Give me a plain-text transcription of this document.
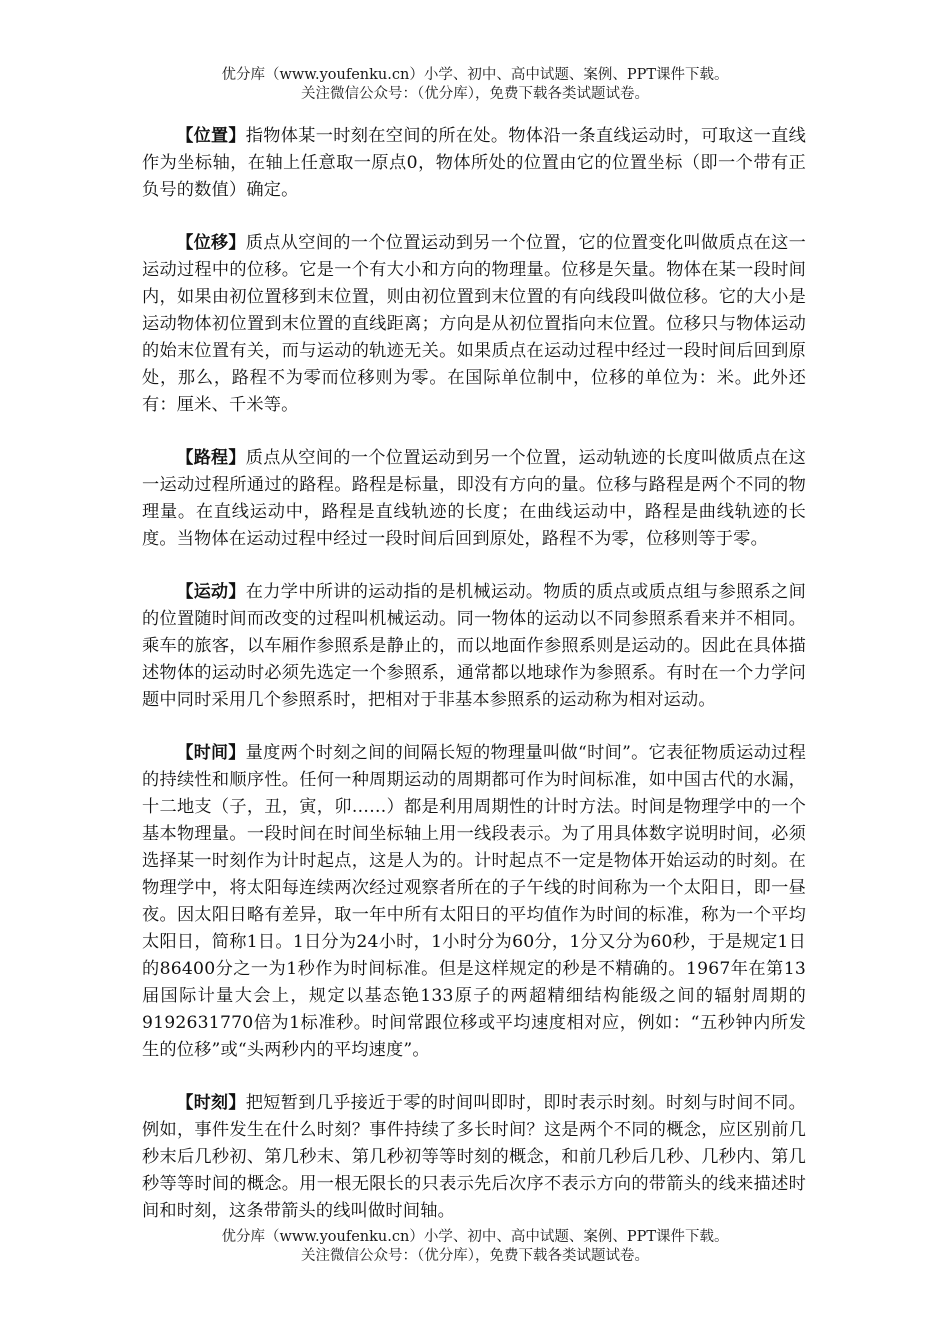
优分库（www.youfenku.cn）小学、初中、高中试题、案例、PPT课件下载。
关注微信公众号：（优分库），免费下载各类试题试卷。

【位置】指物体某一时刻在空间的所在处。物体沿一条直线运动时，可取这一直线作为坐标轴，在轴上任意取一原点0，物体所处的位置由它的位置坐标（即一个带有正负号的数值）确定。

【位移】质点从空间的一个位置运动到另一个位置，它的位置变化叫做质点在这一运动过程中的位移。它是一个有大小和方向的物理量。位移是矢量。物体在某一段时间内，如果由初位置移到末位置，则由初位置到末位置的有向线段叫做位移。它的大小是运动物体初位置到末位置的直线距离；方向是从初位置指向末位置。位移只与物体运动的始末位置有关，而与运动的轨迹无关。如果质点在运动过程中经过一段时间后回到原处，那么，路程不为零而位移则为零。在国际单位制中，位移的单位为：米。此外还有：厘米、千米等。

【路程】质点从空间的一个位置运动到另一个位置，运动轨迹的长度叫做质点在这一运动过程所通过的路程。路程是标量，即没有方向的量。位移与路程是两个不同的物理量。在直线运动中，路程是直线轨迹的长度；在曲线运动中，路程是曲线轨迹的长度。当物体在运动过程中经过一段时间后回到原处，路程不为零，位移则等于零。

【运动】在力学中所讲的运动指的是机械运动。物质的质点或质点组与参照系之间的位置随时间而改变的过程叫机械运动。同一物体的运动以不同参照系看来并不相同。乘车的旅客，以车厢作参照系是静止的，而以地面作参照系则是运动的。因此在具体描述物体的运动时必须先选定一个参照系，通常都以地球作为参照系。有时在一个力学问题中同时采用几个参照系时，把相对于非基本参照系的运动称为相对运动。

【时间】量度两个时刻之间的间隔长短的物理量叫做“时间”。它表征物质运动过程的持续性和顺序性。任何一种周期运动的周期都可作为时间标准，如中国古代的水漏，十二地支（子，丑，寅，卯……）都是利用周期性的计时方法。时间是物理学中的一个基本物理量。一段时间在时间坐标轴上用一线段表示。为了用具体数字说明时间，必须选择某一时刻作为计时起点，这是人为的。计时起点不一定是物体开始运动的时刻。在物理学中，将太阳每连续两次经过观察者所在的子午线的时间称为一个太阳日，即一昼夜。因太阳日略有差异，取一年中所有太阳日的平均值作为时间的标准，称为一个平均太阳日，简称1日。1日分为24小时，1小时分为60分，1分又分为60秒，于是规定1日的86400分之一为1秒作为时间标准。但是这样规定的秒是不精确的。1967年在第13届国际计量大会上，规定以基态铯133原子的两超精细结构能级之间的辐射周期的9192631770倍为1标准秒。时间常跟位移或平均速度相对应，例如：“五秒钟内所发生的位移”或“头两秒内的平均速度”。

【时刻】把短暂到几乎接近于零的时间叫即时，即时表示时刻。时刻与时间不同。例如，事件发生在什么时刻？事件持续了多长时间？这是两个不同的概念，应区别前几秒末后几秒初、第几秒末、第几秒初等等时刻的概念，和前几秒后几秒、几秒内、第几秒等等时间的概念。用一根无限长的只表示先后次序不表示方向的带箭头的线来描述时间和时刻，这条带箭头的线叫做时间轴。

优分库（www.youfenku.cn）小学、初中、高中试题、案例、PPT课件下载。
关注微信公众号：（优分库），免费下载各类试题试卷。
